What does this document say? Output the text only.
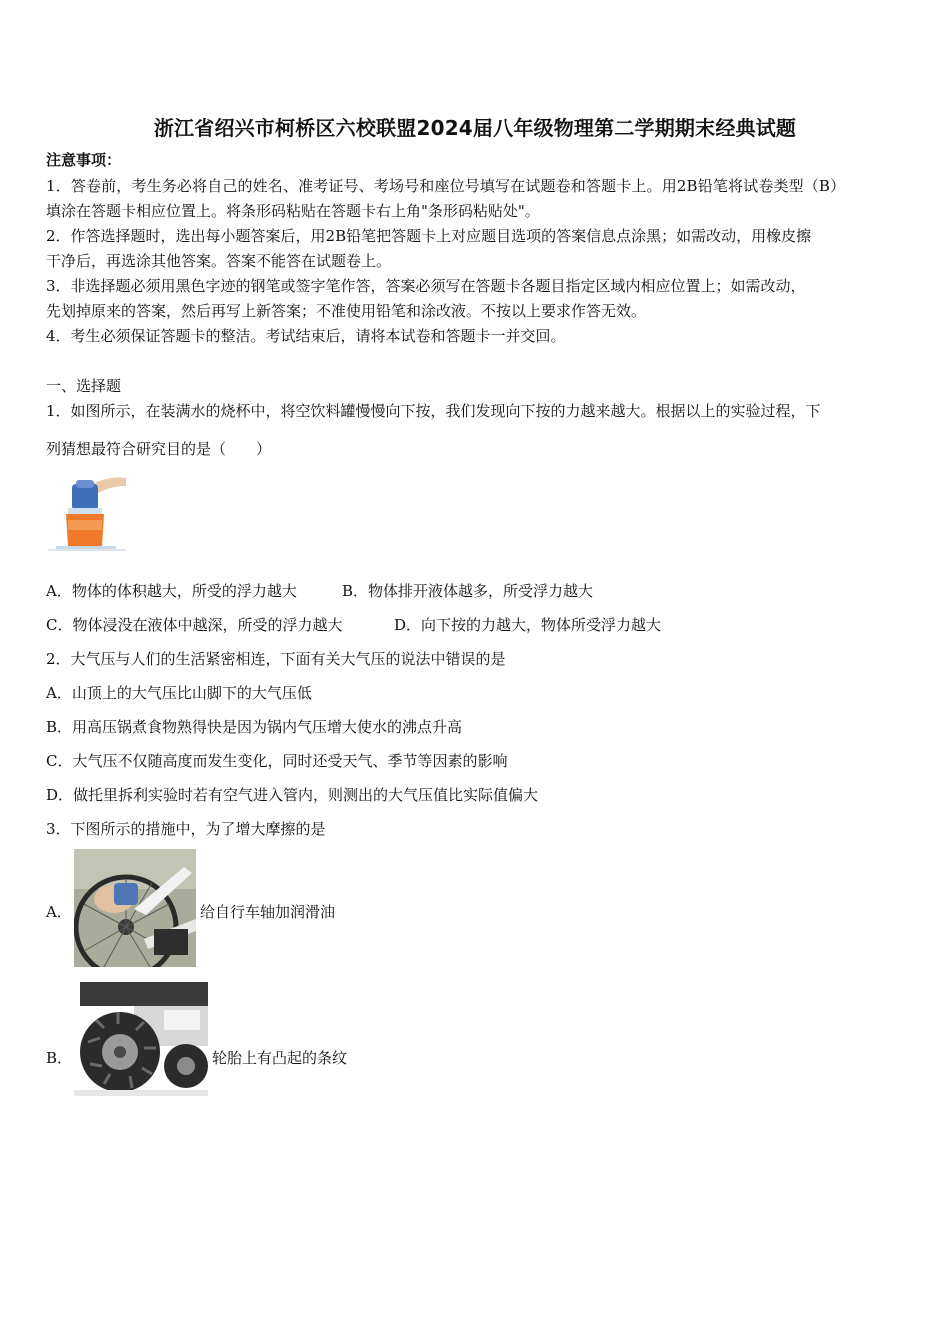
浙江省绍兴市柯桥区六校联盟2024届八年级物理第二学期期末经典试题
注意事项：
1．答卷前，考生务必将自己的姓名、准考证号、考场号和座位号填写在试题卷和答题卡上。用2B铅笔将试卷类型（B）
填涂在答题卡相应位置上。将条形码粘贴在答题卡右上角"条形码粘贴处"。
2．作答选择题时，选出每小题答案后，用2B铅笔把答题卡上对应题目选项的答案信息点涂黑；如需改动，用橡皮擦
干净后，再选涂其他答案。答案不能答在试题卷上。
3．非选择题必须用黑色字迹的钢笔或签字笔作答，答案必须写在答题卡各题目指定区域内相应位置上；如需改动，
先划掉原来的答案，然后再写上新答案；不准使用铅笔和涂改液。不按以上要求作答无效。
4．考生必须保证答题卡的整洁。考试结束后，请将本试卷和答题卡一并交回。
一、选择题
1．如图所示，在装满水的烧杯中，将空饮料罐慢慢向下按，我们发现向下按的力越来越大。根据以上的实验过程，下
列猜想最符合研究目的是（　　）
A．物体的体积越大，所受的浮力越大	B．物体排开液体越多，所受浮力越大
C．物体浸没在液体中越深，所受的浮力越大	D．向下按的力越大，物体所受浮力越大
2．大气压与人们的生活紧密相连，下面有关大气压的说法中错误的是
A．山顶上的大气压比山脚下的大气压低
B．用高压锅煮食物熟得快是因为锅内气压增大使水的沸点升高
C．大气压不仅随高度而发生变化，同时还受天气、季节等因素的影响
D．做托里拆利实验时若有空气进入管内，则测出的大气压值比实际值偏大
3．下图所示的措施中，为了增大摩擦的是
A．	给自行车轴加润滑油
B．	轮胎上有凸起的条纹
